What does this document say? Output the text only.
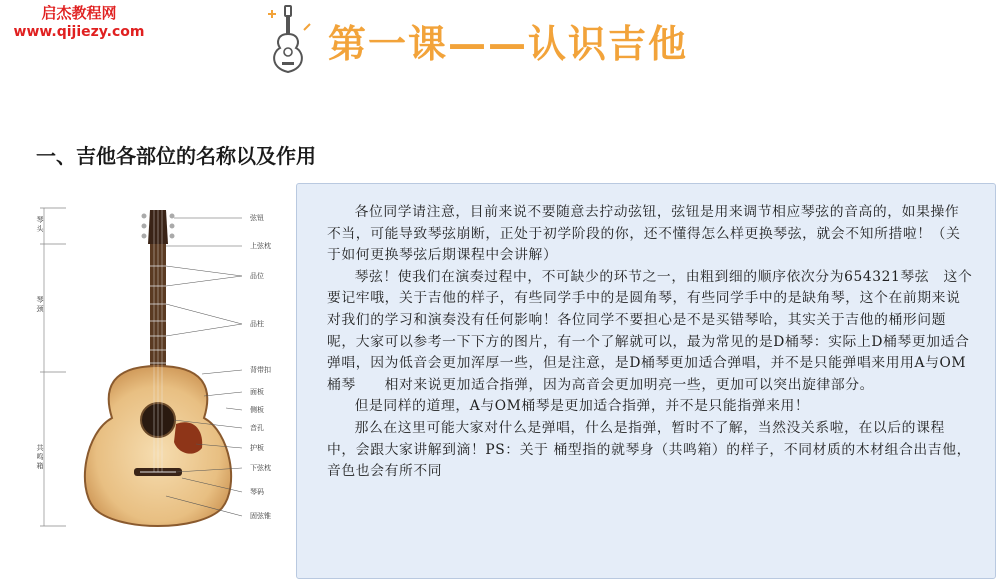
启杰教程网
www.qijiezy.com	第一课——认识吉他
一、吉他各部位的名称以及作用
弦钮
上弦枕
品位
品柱
背带扣
面板
侧板
音孔
护板
下弦枕
琴码
固弦锥
琴头
琴颈
共鸣箱

各位同学请注意，目前来说不要随意去拧动弦钮，弦钮是用来调节相应琴弦的音高的，如果操作不当，可能导致琴弦崩断，正处于初学阶段的你，还不懂得怎么样更换琴弦，就会不知所措啦！（关于如何更换琴弦后期课程中会讲解）

琴弦！使我们在演奏过程中，不可缺少的环节之一，由粗到细的顺序依次分为654321琴弦　这个要记牢哦，关于吉他的样子，有些同学手中的是圆角琴，有些同学手中的是缺角琴，这个在前期来说对我们的学习和演奏没有任何影响！各位同学不要担心是不是买错琴哈，其实关于吉他的桶形问题呢，大家可以参考一下下方的图片，有一个了解就可以，最为常见的是D桶琴：实际上D桶琴更加适合弹唱，因为低音会更加浑厚一些，但是注意，是D桶琴更加适合弹唱，并不是只能弹唱来用用A与OM桶琴　　相对来说更加适合指弹，因为高音会更加明亮一些，更加可以突出旋律部分。

但是同样的道理，A与OM桶琴是更加适合指弹，并不是只能指弹来用！

那么在这里可能大家对什么是弹唱，什么是指弹，暂时不了解，当然没关系啦，在以后的课程中，会跟大家讲解到滴！PS：关于 桶型指的就琴身（共鸣箱）的样子，不同材质的木材组合出吉他，音色也会有所不同
